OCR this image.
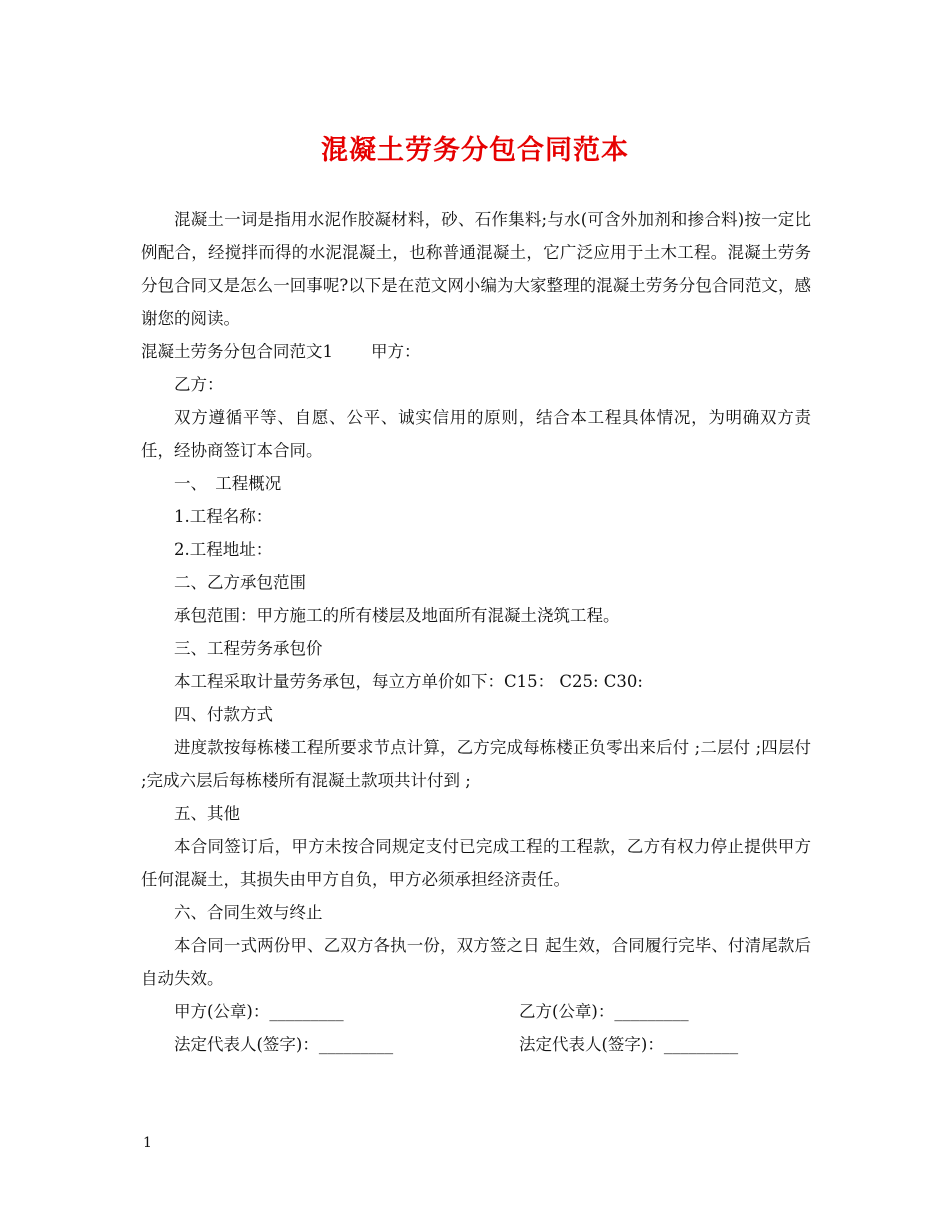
混凝土劳务分包合同范本

混凝土一词是指用水泥作胶凝材料，砂、石作集料;与水(可含外加剂和掺合料)按一定比例配合，经搅拌而得的水泥混凝土，也称普通混凝土，它广泛应用于土木工程。混凝土劳务分包合同又是怎么一回事呢?以下是在范文网小编为大家整理的混凝土劳务分包合同范文，感谢您的阅读。

混凝土劳务分包合同范文1 甲方：

乙方：

双方遵循平等、自愿、公平、诚实信用的原则，结合本工程具体情况，为明确双方责任，经协商签订本合同。

一、　工程概况

1.工程名称：

2.工程地址：

二、乙方承包范围

承包范围：甲方施工的所有楼层及地面所有混凝土浇筑工程。

三、工程劳务承包价

本工程采取计量劳务承包，每立方单价如下：C15： C25: C30:

四、付款方式

进度款按每栋楼工程所要求节点计算，乙方完成每栋楼正负零出来后付 ;二层付 ;四层付 ;完成六层后每栋楼所有混凝土款项共计付到 ;

五、其他

本合同签订后，甲方未按合同规定支付已完成工程的工程款，乙方有权力停止提供甲方任何混凝土，其损失由甲方自负，甲方必须承担经济责任。

六、合同生效与终止

本合同一式两份甲、乙双方各执一份，双方签之日 起生效，合同履行完毕、付清尾款后自动失效。

甲方(公章)：_________	乙方(公章)：_________
法定代表人(签字)：_________	法定代表人(签字)：_________
1
